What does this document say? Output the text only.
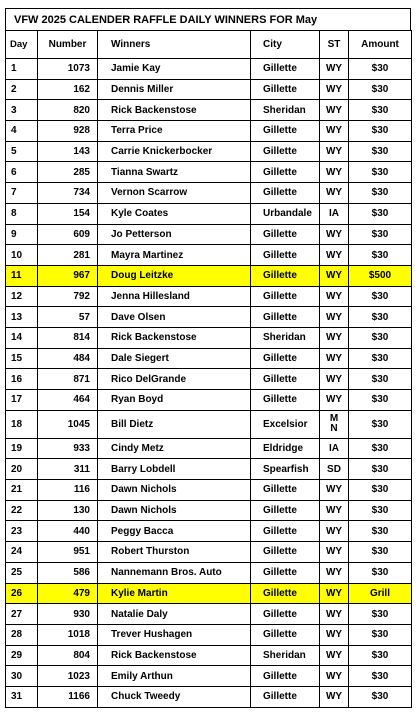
VFW 2025 CALENDER RAFFLE DAILY WINNERS FOR May
Day	Number	Winners	City	ST	Amount
1	1073	Jamie Kay	Gillette	WY	$30
2	162	Dennis Miller	Gillette	WY	$30
3	820	Rick Backenstose	Sheridan	WY	$30
4	928	Terra Price	Gillette	WY	$30
5	143	Carrie Knickerbocker	Gillette	WY	$30
6	285	Tianna Swartz	Gillette	WY	$30
7	734	Vernon Scarrow	Gillette	WY	$30
8	154	Kyle Coates	Urbandale	IA	$30
9	609	Jo Petterson	Gillette	WY	$30
10	281	Mayra Martinez	Gillette	WY	$30
11	967	Doug Leitzke	Gillette	WY	$500
12	792	Jenna Hillesland	Gillette	WY	$30
13	57	Dave Olsen	Gillette	WY	$30
14	814	Rick Backenstose	Sheridan	WY	$30
15	484	Dale Siegert	Gillette	WY	$30
16	871	Rico DelGrande	Gillette	WY	$30
17	464	Ryan Boyd	Gillette	WY	$30
18	1045	Bill Dietz	Excelsior	MN	$30
19	933	Cindy Metz	Eldridge	IA	$30
20	311	Barry Lobdell	Spearfish	SD	$30
21	116	Dawn Nichols	Gillette	WY	$30
22	130	Dawn Nichols	Gillette	WY	$30
23	440	Peggy Bacca	Gillette	WY	$30
24	951	Robert Thurston	Gillette	WY	$30
25	586	Nannemann Bros. Auto	Gillette	WY	$30
26	479	Kylie Martin	Gillette	WY	Grill
27	930	Natalie Daly	Gillette	WY	$30
28	1018	Trever Hushagen	Gillette	WY	$30
29	804	Rick Backenstose	Sheridan	WY	$30
30	1023	Emily Arthun	Gillette	WY	$30
31	1166	Chuck Tweedy	Gillette	WY	$30
